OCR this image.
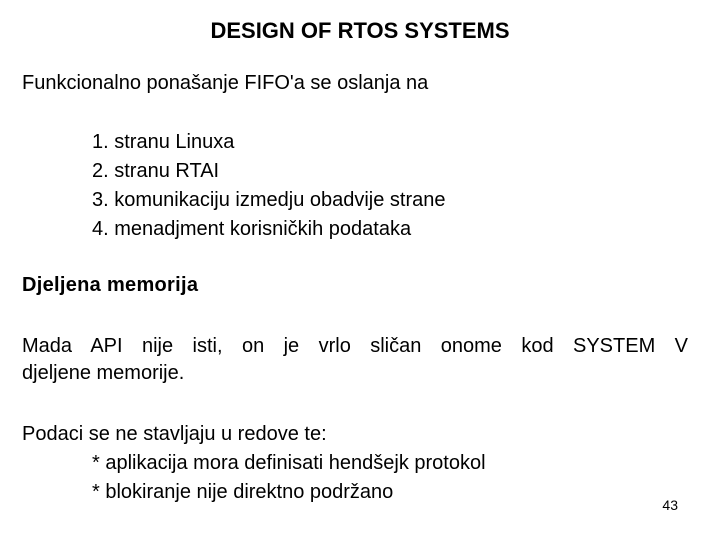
DESIGN OF RTOS SYSTEMS
Funkcionalno ponašanje FIFO'a se oslanja na
1. stranu Linuxa
2. stranu RTAI
3. komunikaciju izmedju obadvije strane
4. menadjment korisničkih podataka
Djeljena memorija
Mada API nije isti, on je vrlo sličan onome kod SYSTEM V
djeljene memorije.
Podaci se ne stavljaju u redove te:
* aplikacija mora definisati hendšejk protokol
* blokiranje nije direktno podržano
43
